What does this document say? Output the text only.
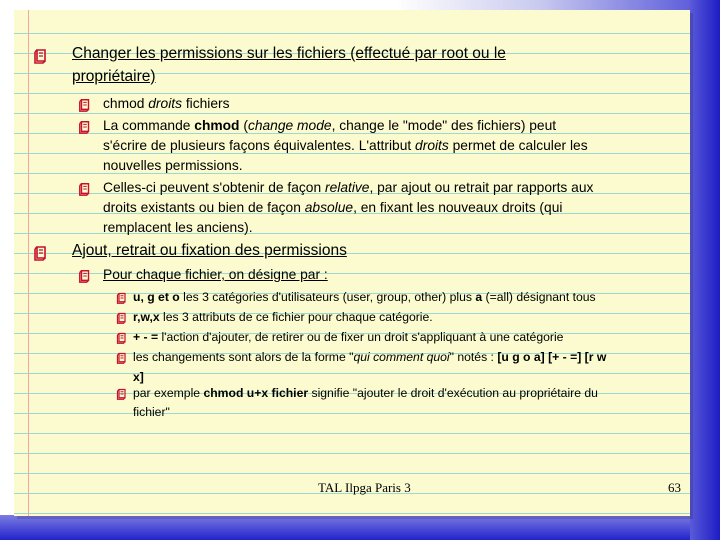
Changer les permissions sur les fichiers (effectué par root ou le
propriétaire)
chmod droits fichiers
La commande chmod (change mode, change le "mode" des fichiers) peut
s'écrire de plusieurs façons équivalentes. L'attribut droits permet de calculer les
nouvelles permissions.
Celles-ci peuvent s'obtenir de façon relative, par ajout ou retrait par rapports aux
droits existants ou bien de façon absolue, en fixant les nouveaux droits (qui
remplacent les anciens).
Ajout, retrait ou fixation des permissions
Pour chaque fichier, on désigne par :
u, g et o les 3 catégories d'utilisateurs (user, group, other) plus a (=all) désignant tous
r,w,x les 3 attributs de ce fichier pour chaque catégorie.
+ - = l'action d'ajouter, de retirer ou de fixer un droit s'appliquant à une catégorie
les changements sont alors de la forme "qui comment quoi" notés : [u g o a] [+ - =] [r w
x]
par exemple chmod u+x fichier signifie "ajouter le droit d'exécution au propriétaire du
fichier"
TAL Ilpga Paris 3	63
